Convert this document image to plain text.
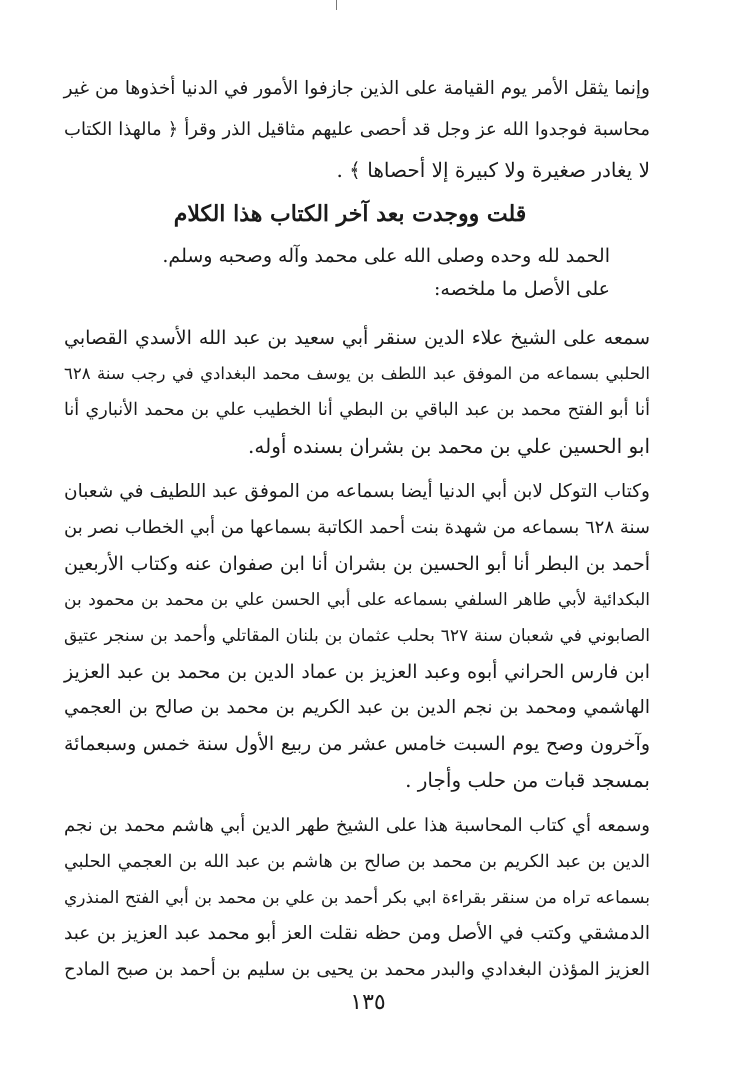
وإنما يثقل الأمر يوم القيامة على الذين جازفوا الأمور في الدنيا أخذوها من غير
محاسبة فوجدوا الله عز وجل قد أحصى عليهم مثاقيل الذر وقرأ ﴿ مالهذا الكتاب
لا يغادر صغيرة ولا كبيرة إلا أحصاها ﴾ .
قلت ووجدت بعد آخر الكتاب هذا الكلام
الحمد لله وحده وصلى الله على محمد وآله وصحبه وسلم.
على الأصل ما ملخصه:
سمعه على الشيخ علاء الدين سنقر أبي سعيد بن عبد الله الأسدي القصابي
الحلبي بسماعه من الموفق عبد اللطف بن يوسف محمد البغدادي في رجب سنة ٦٢٨
أنا أبو الفتح محمد بن عبد الباقي بن البطي أنا الخطيب علي بن محمد الأنباري أنا
ابو الحسين علي بن محمد بن بشران بسنده أوله.
وكتاب التوكل لابن أبي الدنيا أيضا بسماعه من الموفق عبد اللطيف في شعبان
سنة ٦٢٨ بسماعه من شهدة بنت أحمد الكاتبة بسماعها من أبي الخطاب نصر بن
أحمد بن البطر أنا أبو الحسين بن بشران أنا ابن صفوان عنه وكتاب الأربعين
البكدائية لأبي طاهر السلفي بسماعه على أبي الحسن علي بن محمد بن محمود بن
الصابوني في شعبان سنة ٦٢٧ بحلب عثمان بن بلنان المقاتلي وأحمد بن سنجر عتيق
ابن فارس الحراني أبوه وعبد العزيز بن عماد الدين بن محمد بن عبد العزيز
الهاشمي ومحمد بن نجم الدين بن عبد الكريم بن محمد بن صالح بن العجمي
وآخرون وصح يوم السبت خامس عشر من ربيع الأول سنة خمس وسبعمائة
بمسجد قبات من حلب وأجار .
وسمعه أي كتاب المحاسبة هذا على الشيخ طهر الدين أبي هاشم محمد بن نجم
الدين بن عبد الكريم بن محمد بن صالح بن هاشم بن عبد الله بن العجمي الحلبي
بسماعه تراه من سنقر بقراءة ابي بكر أحمد بن علي بن محمد بن أبي الفتح المنذري
الدمشقي وكتب في الأصل ومن حظه نقلت العز أبو محمد عبد العزيز بن عبد
العزيز المؤذن البغدادي والبدر محمد بن يحيى بن سليم بن أحمد بن صبح المادح
١٣٥
